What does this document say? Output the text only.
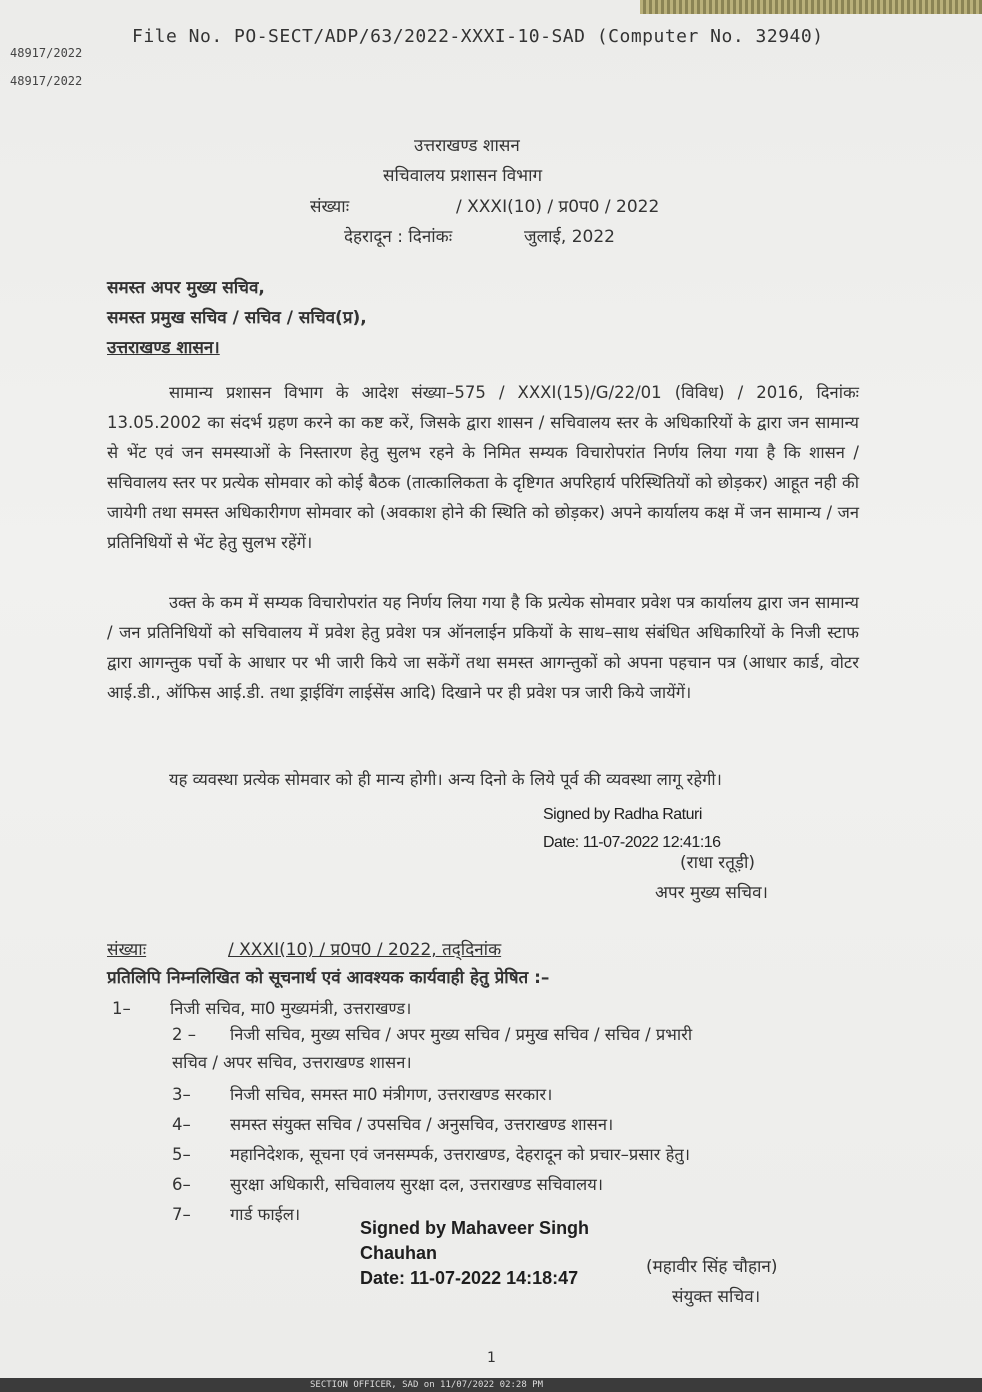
File No. PO-SECT/ADP/63/2022-XXXI-10-SAD (Computer No. 32940)
48917/2022
48917/2022
उत्तराखण्ड शासन
सचिवालय प्रशासन विभाग
संख्याः	/ XXXI(10) / प्र0प0 / 2022
देहरादून : दिनांकः	जुलाई, 2022
समस्त अपर मुख्य सचिव,
समस्त प्रमुख सचिव / सचिव / सचिव(प्र),
उत्तराखण्ड शासन।
सामान्य प्रशासन विभाग के आदेश संख्या–575 / XXXI(15)/G/22/01 (विविध) / 2016, दिनांकः 13.05.2002 का संदर्भ ग्रहण करने का कष्ट करें, जिसके द्वारा शासन / सचिवालय स्तर के अधिकारियों के द्वारा जन सामान्य से भेंट एवं जन समस्याओं के निस्तारण हेतु सुलभ रहने के निमित सम्यक विचारोपरांत निर्णय लिया गया है कि शासन / सचिवालय स्तर पर प्रत्येक सोमवार को कोई बैठक (तात्कालिकता के दृष्टिगत अपरिहार्य परिस्थितियों को छोड़कर) आहूत नही की जायेगी तथा समस्त अधिकारीगण सोमवार को (अवकाश होने की स्थिति को छोड़कर) अपने कार्यालय कक्ष में जन सामान्य / जन प्रतिनिधियों से भेंट हेतु सुलभ रहेंगें।
उक्त के कम में सम्यक विचारोपरांत यह निर्णय लिया गया है कि प्रत्येक सोमवार प्रवेश पत्र कार्यालय द्वारा जन सामान्य / जन प्रतिनिधियों को सचिवालय में प्रवेश हेतु प्रवेश पत्र ऑनलाईन प्रकियों के साथ–साथ संबंधित अधिकारियों के निजी स्टाफ द्वारा आगन्तुक पर्चो के आधार पर भी जारी किये जा सकेंगें तथा समस्त आगन्तुकों को अपना पहचान पत्र (आधार कार्ड, वोटर आई.डी., ऑफिस आई.डी. तथा ड्राईविंग लाईसेंस आदि) दिखाने पर ही प्रवेश पत्र जारी किये जायेंगें।
यह व्यवस्था प्रत्येक सोमवार को ही मान्य होगी। अन्य दिनो के लिये पूर्व की व्यवस्था लागू रहेगी।
Signed by Radha Raturi
Date: 11-07-2022 12:41:16
(राधा रतूड़ी)
अपर मुख्य सचिव।
संख्याः	/ XXXI(10) / प्र0प0 / 2022, तद्‌दिनांक
प्रतिलिपि निम्नलिखित को सूचनार्थ एवं आवश्यक कार्यवाही हेतु प्रेषित :–
1– निजी सचिव, मा0 मुख्यमंत्री, उत्तराखण्ड।
2 – निजी सचिव, मुख्य सचिव / अपर मुख्य सचिव / प्रमुख सचिव / सचिव / प्रभारी
सचिव / अपर सचिव, उत्तराखण्ड शासन।
3– निजी सचिव, समस्त मा0 मंत्रीगण, उत्तराखण्ड सरकार।
4– समस्त संयुक्त सचिव / उपसचिव / अनुसचिव, उत्तराखण्ड शासन।
5– महानिदेशक, सूचना एवं जनसम्पर्क, उत्तराखण्ड, देहरादून को प्रचार–प्रसार हेतु।
6– सुरक्षा अधिकारी, सचिवालय सुरक्षा दल, उत्तराखण्ड सचिवालय।
7– गार्ड फाईल।
Signed by Mahaveer Singh
Chauhan
Date: 11-07-2022 14:18:47
(महावीर सिंह चौहान)
संयुक्त सचिव।
1
SECTION OFFICER, SAD on 11/07/2022 02:28 PM
